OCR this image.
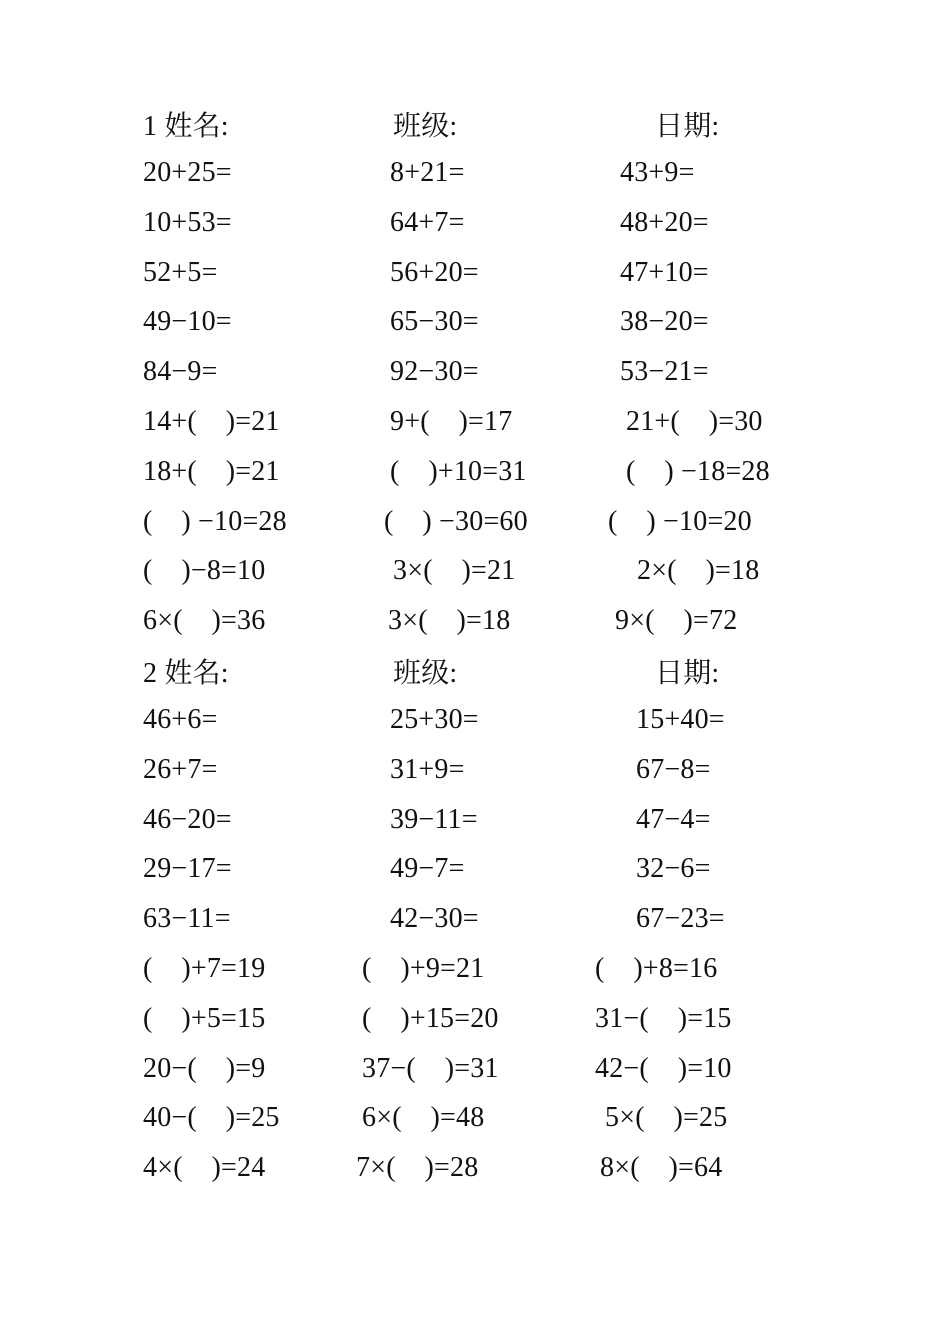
1 姓名:	班级:	日期:
20+25=	8+21=	43+9=
10+53=	64+7=	48+20=
52+5=	56+20=	47+10=
49−10=	65−30=	38−20=
84−9=	92−30=	53−21=
14+(    )=21	9+(    )=17	21+(    )=30
18+(    )=21	(    )+10=31	(    ) −18=28
(    ) −10=28	(    ) −30=60	(    ) −10=20
(    )−8=10	3×(    )=21	2×(    )=18
6×(    )=36	3×(    )=18	9×(    )=72
2 姓名:	班级:	日期:
46+6=	25+30=	15+40=
26+7=	31+9=	67−8=
46−20=	39−11=	47−4=
29−17=	49−7=	32−6=
63−11=	42−30=	67−23=
(    )+7=19	(    )+9=21	(    )+8=16
(    )+5=15	(    )+15=20	31−(    )=15
20−(    )=9	37−(    )=31	42−(    )=10
40−(    )=25	6×(    )=48	5×(    )=25
4×(    )=24	7×(    )=28	8×(    )=64
